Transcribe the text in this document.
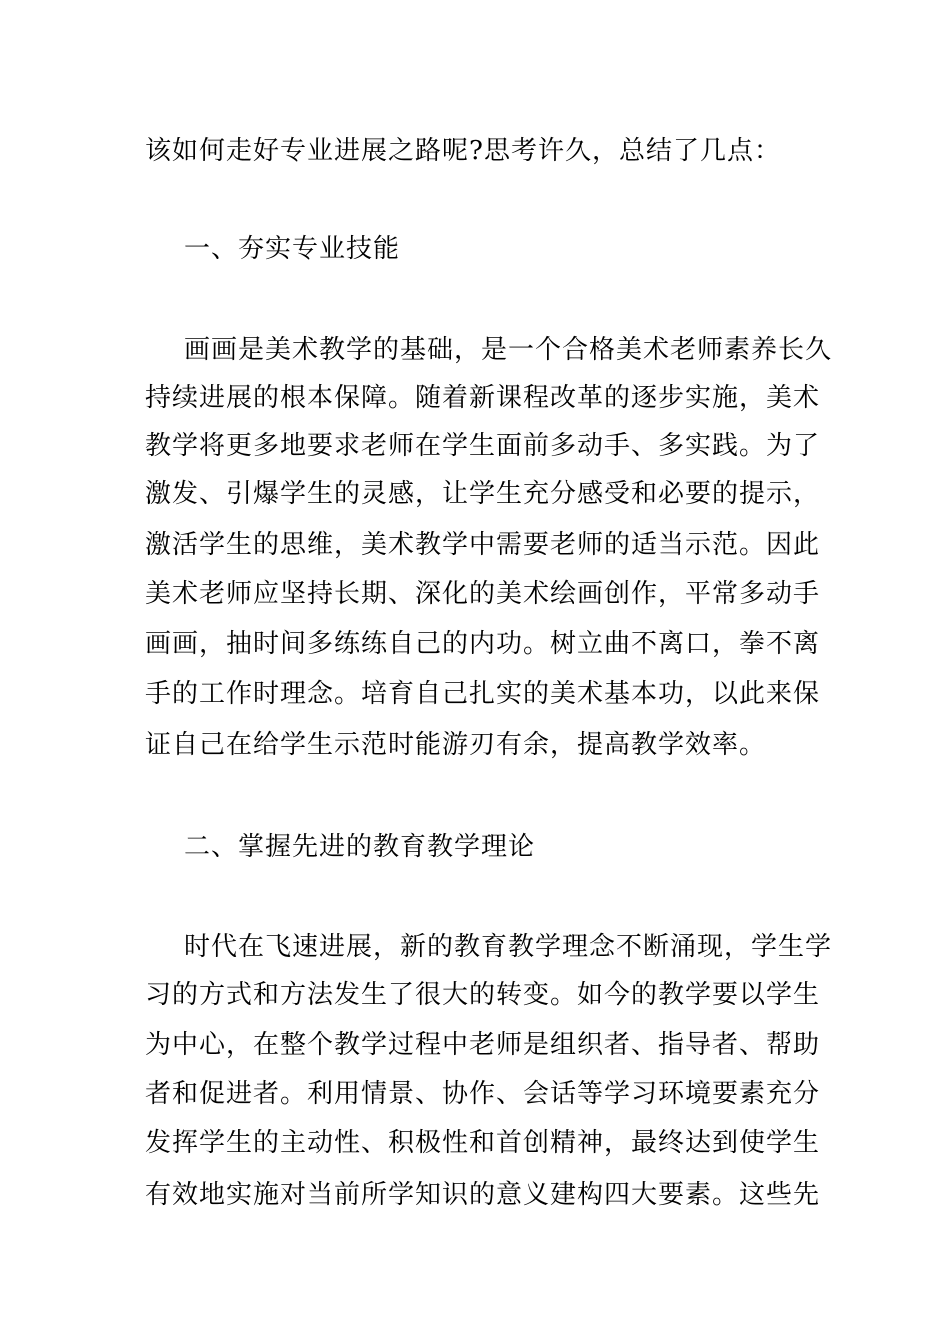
该如何走好专业进展之路呢?思考许久，总结了几点：
一、夯实专业技能
画画是美术教学的基础，是一个合格美术老师素养长久
持续进展的根本保障。随着新课程改革的逐步实施，美术
教学将更多地要求老师在学生面前多动手、多实践。为了
激发、引爆学生的灵感，让学生充分感受和必要的提示，
激活学生的思维，美术教学中需要老师的适当示范。因此
美术老师应坚持长期、深化的美术绘画创作，平常多动手
画画，抽时间多练练自己的内功。树立曲不离口，拳不离
手的工作时理念。培育自己扎实的美术基本功，以此来保
证自己在给学生示范时能游刃有余，提高教学效率。
二、掌握先进的教育教学理论
时代在飞速进展，新的教育教学理念不断涌现，学生学
习的方式和方法发生了很大的转变。如今的教学要以学生
为中心，在整个教学过程中老师是组织者、指导者、帮助
者和促进者。利用情景、协作、会话等学习环境要素充分
发挥学生的主动性、积极性和首创精神，最终达到使学生
有效地实施对当前所学知识的意义建构四大要素。这些先
